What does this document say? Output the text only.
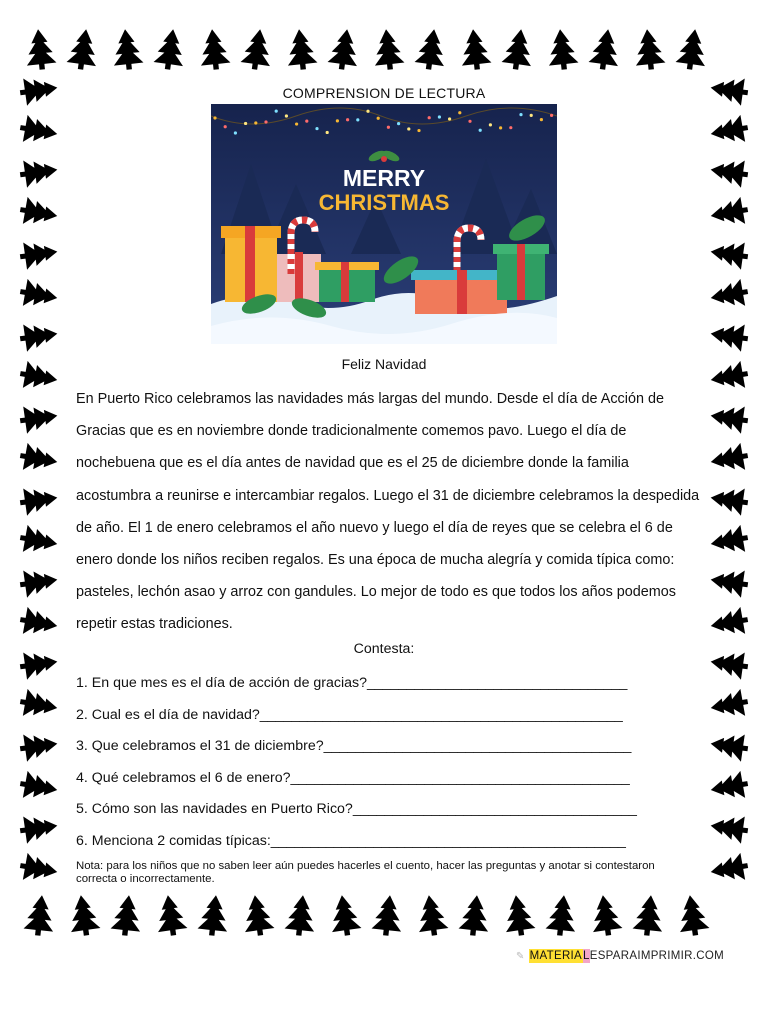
COMPRENSION DE LECTURA
MERRY
CHRISTMAS
Feliz Navidad

En Puerto Rico celebramos las navidades más largas del mundo. Desde el día de Acción de Gracias que es en noviembre donde tradicionalmente comemos pavo. Luego el día de nochebuena que es el día antes de navidad que es el 25 de diciembre donde la familia acostumbra a reunirse e intercambiar regalos. Luego el 31 de diciembre celebramos la despedida de año. El 1 de enero celebramos el año nuevo y luego el día de reyes que se celebra el 6 de enero donde los niños reciben regalos. Es una época de mucha alegría y comida típica como: pasteles, lechón asao y arroz con gandules. Lo mejor de todo es que todos los años podemos repetir estas tradiciones.

Contesta:
1. En que mes es el día de acción de gracias?_________________________________
2. Cual es el día de navidad?______________________________________________
3. Que celebramos el 31 de diciembre?_______________________________________
4. Qué celebramos el 6 de enero?___________________________________________
5. Cómo son las navidades en Puerto Rico?____________________________________
6. Menciona 2 comidas típicas:_____________________________________________

Nota: para los niños que no saben leer aún puedes hacerles el cuento, hacer las preguntas y anotar si contestaron correcta o incorrectamente.

✎ MATERIALESPARAIMPRIMIR.COM
